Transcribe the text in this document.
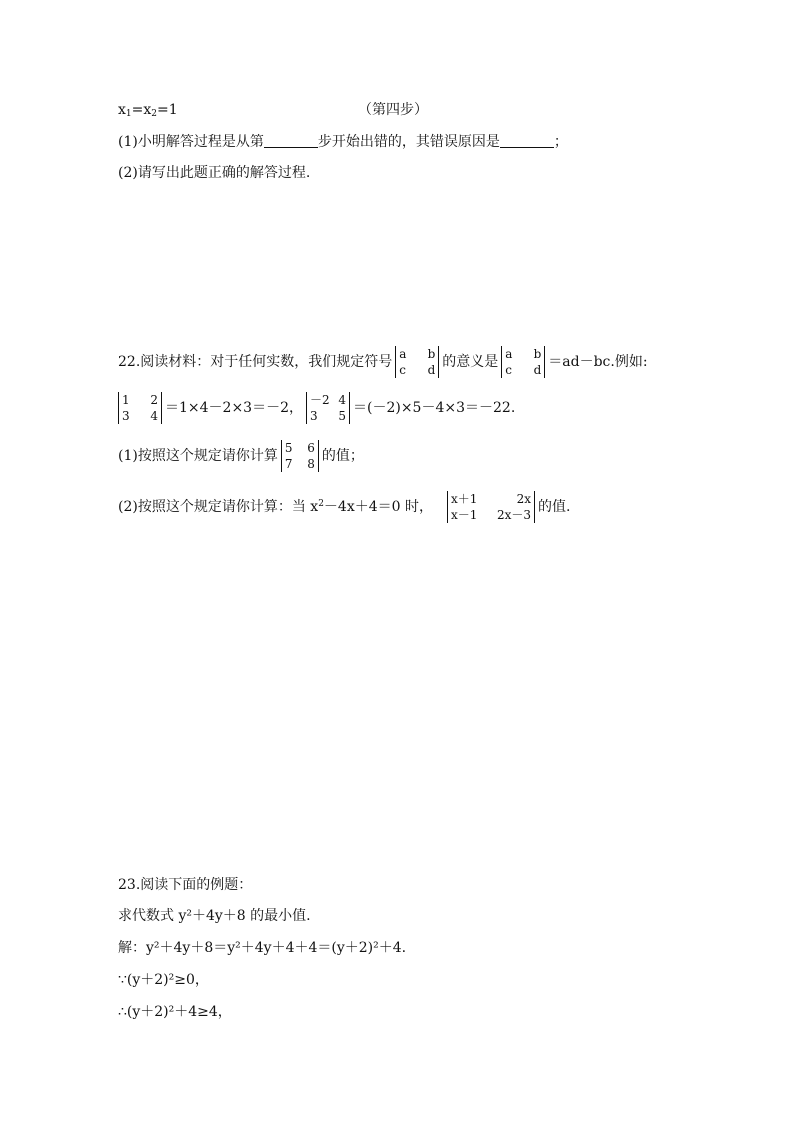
$x_1=x_2=1$	（第四步）
(1)小明解答过程是从第	步开始出错的，其错误原因是	；
(2)请写出此题正确的解答过程.
22.阅读材料：对于任何实数，我们规定符号 a b
c d 的意义是 a b
c d ＝ad－bc.例如:
1 2
3 4 ＝1×4－2×3＝－2， －2 4
3 5 ＝(－2)×5－4×3＝－22.
(1)按照这个规定请你计算 5 6
7 8 的值；
(2)按照这个规定请你计算：当 $x^2-4x+4=0$ 时， x＋1	2x
x－1 2x－3 的值.
23.阅读下面的例题：
求代数式 y²＋4y＋8 的最小值.
解：y²＋4y＋8＝y²＋4y＋4＋4＝(y＋2)²＋4.
∵(y＋2)²≥0，
∴(y＋2)²＋4≥4，
